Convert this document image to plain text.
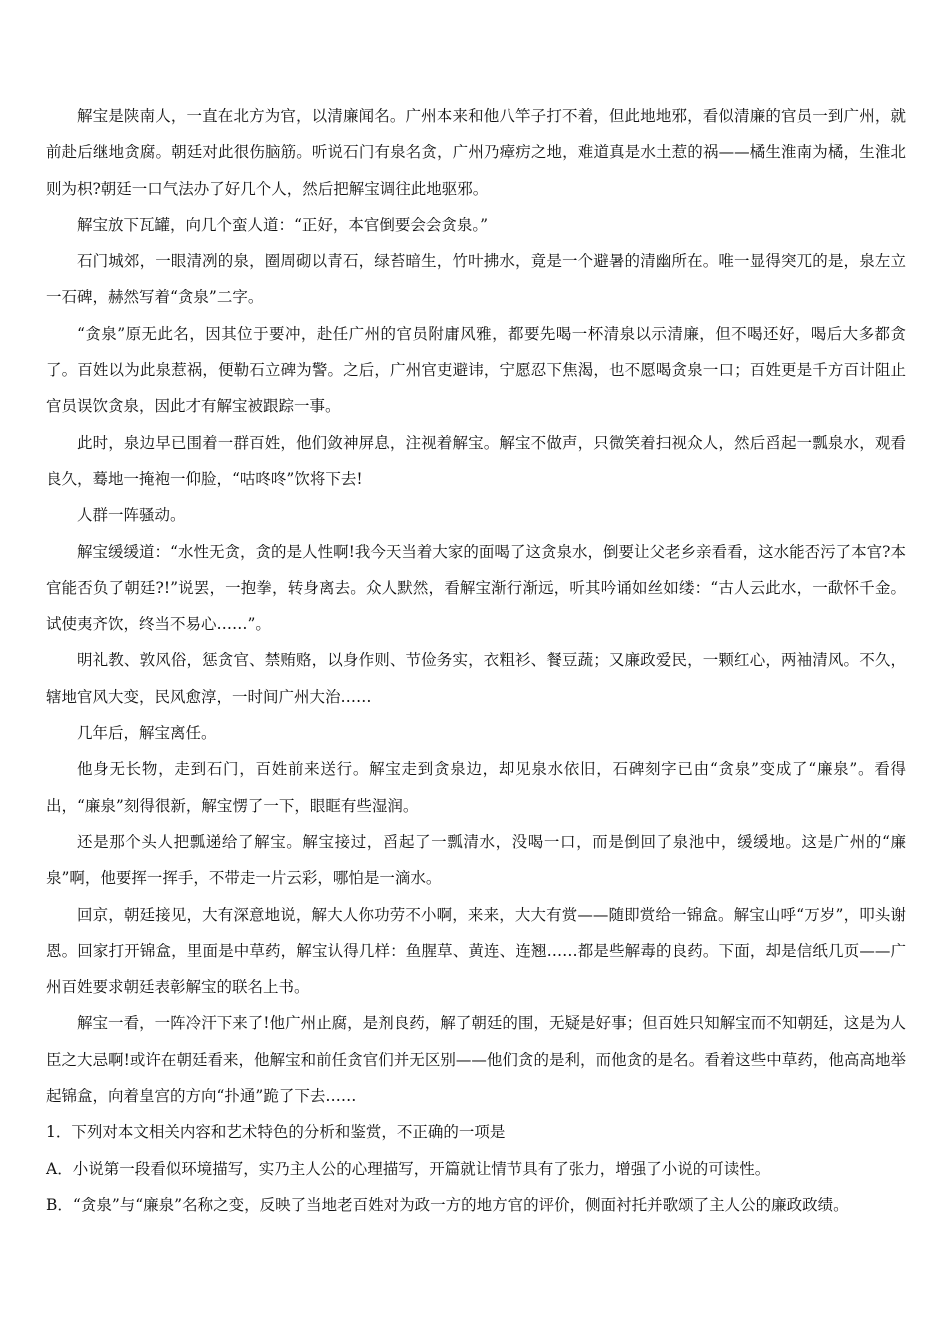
解宝是陕南人，一直在北方为官，以清廉闻名。广州本来和他八竿子打不着，但此地地邪，看似清廉的官员一到广州，就前赴后继地贪腐。朝廷对此很伤脑筋。听说石门有泉名贪，广州乃瘴疠之地，难道真是水土惹的祸——橘生淮南为橘，生淮北则为枳?朝廷一口气法办了好几个人，然后把解宝调往此地驱邪。

解宝放下瓦罐，向几个蛮人道：“正好，本官倒要会会贪泉。”

石门城郊，一眼清冽的泉，圈周砌以青石，绿苔暗生，竹叶拂水，竟是一个避暑的清幽所在。唯一显得突兀的是，泉左立一石碑，赫然写着“贪泉”二字。

“贪泉”原无此名，因其位于要冲，赴任广州的官员附庸风雅，都要先喝一杯清泉以示清廉，但不喝还好，喝后大多都贪了。百姓以为此泉惹祸，便勒石立碑为警。之后，广州官吏避讳，宁愿忍下焦渴，也不愿喝贪泉一口；百姓更是千方百计阻止官员误饮贪泉，因此才有解宝被跟踪一事。

此时，泉边早已围着一群百姓，他们敛神屏息，注视着解宝。解宝不做声，只微笑着扫视众人，然后舀起一瓢泉水，观看良久，蓦地一掩袍一仰脸，“咕咚咚”饮将下去!

人群一阵骚动。

解宝缓缓道：“水性无贪，贪的是人性啊!我今天当着大家的面喝了这贪泉水，倒要让父老乡亲看看，这水能否污了本官?本官能否负了朝廷?!”说罢，一抱拳，转身离去。众人默然，看解宝渐行渐远，听其吟诵如丝如缕：“古人云此水，一歃怀千金。试使夷齐饮，终当不易心……”。

明礼教、敦风俗，惩贪官、禁贿赂，以身作则、节俭务实，衣粗衫、餐豆蔬；又廉政爱民，一颗红心，两袖清风。不久，辖地官风大变，民风愈淳，一时间广州大治……

几年后，解宝离任。

他身无长物，走到石门，百姓前来送行。解宝走到贪泉边，却见泉水依旧，石碑刻字已由“贪泉”变成了“廉泉”。看得出，“廉泉”刻得很新，解宝愣了一下，眼眶有些湿润。

还是那个头人把瓢递给了解宝。解宝接过，舀起了一瓢清水，没喝一口，而是倒回了泉池中，缓缓地。这是广州的“廉泉”啊，他要挥一挥手，不带走一片云彩，哪怕是一滴水。

回京，朝廷接见，大有深意地说，解大人你功劳不小啊，来来，大大有赏——随即赏给一锦盒。解宝山呼“万岁”，叩头谢恩。回家打开锦盒，里面是中草药，解宝认得几样：鱼腥草、黄连、连翘……都是些解毒的良药。下面，却是信纸几页——广州百姓要求朝廷表彰解宝的联名上书。

解宝一看，一阵冷汗下来了!他广州止腐，是剂良药，解了朝廷的围，无疑是好事；但百姓只知解宝而不知朝廷，这是为人臣之大忌啊!或许在朝廷看来，他解宝和前任贪官们并无区别——他们贪的是利，而他贪的是名。看着这些中草药，他高高地举起锦盒，向着皇宫的方向“扑通”跪了下去……

1．下列对本文相关内容和艺术特色的分析和鉴赏，不正确的一项是

A．小说第一段看似环境描写，实乃主人公的心理描写，开篇就让情节具有了张力，增强了小说的可读性。

B．“贪泉”与“廉泉”名称之变，反映了当地老百姓对为政一方的地方官的评价，侧面衬托并歌颂了主人公的廉政政绩。
